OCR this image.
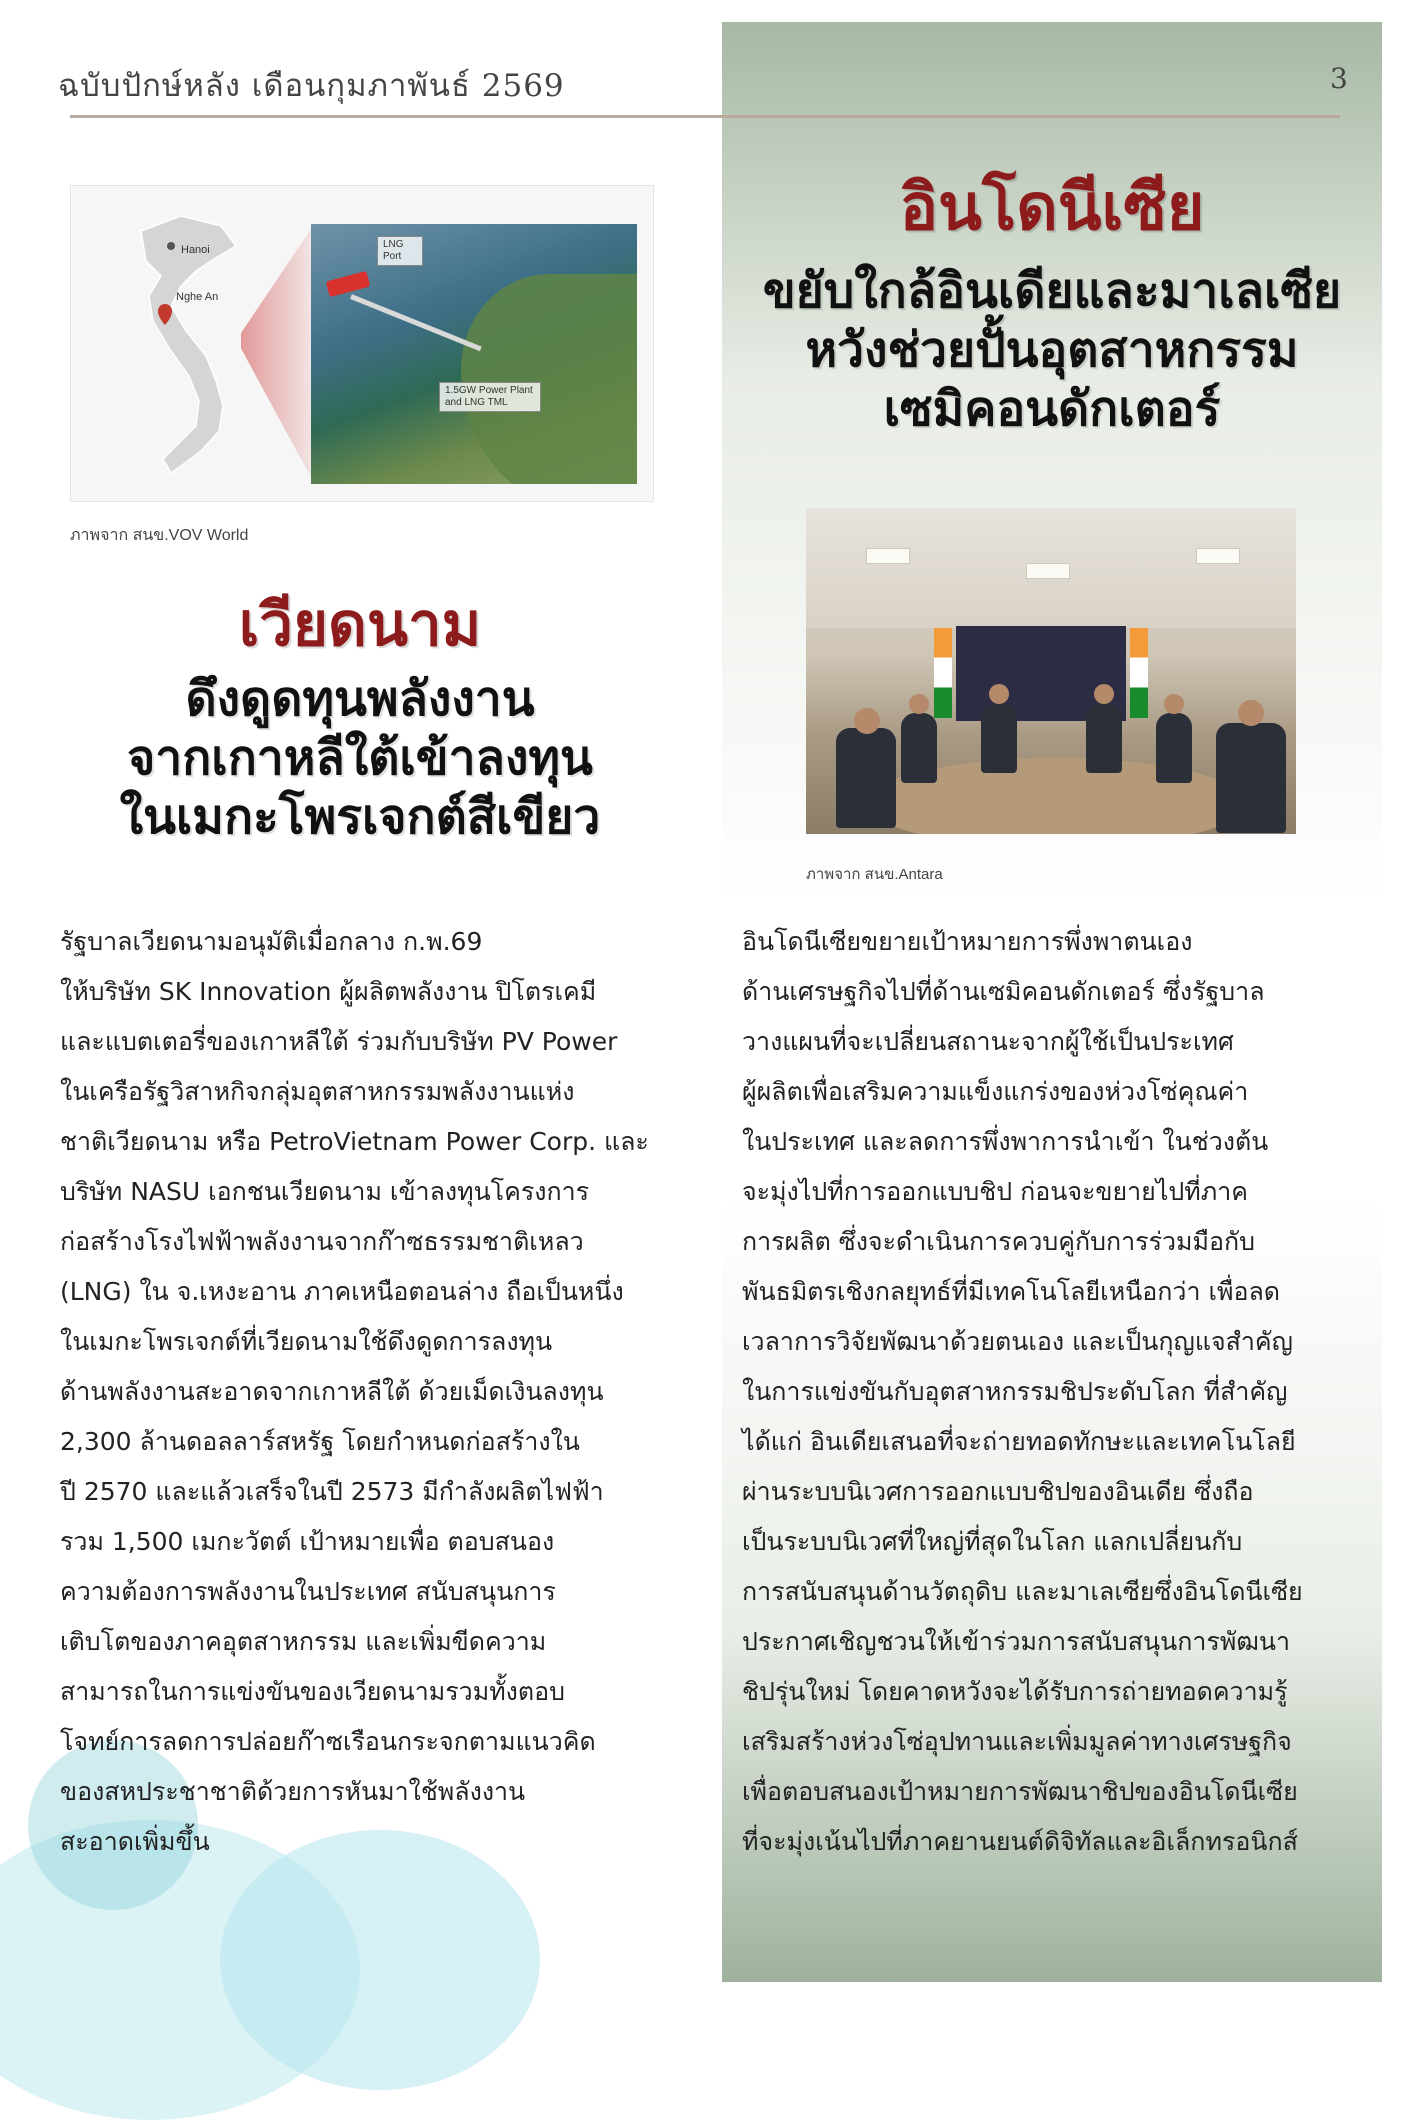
ฉบับปักษ์หลัง เดือนกุมภาพันธ์ 2569	3
Hanoi
Nghe An
LNG Port
1.5GW Power Plant and LNG TML
ภาพจาก สนข.VOV World
เวียดนาม
ดึงดูดทุนพลังงาน
จากเกาหลีใต้เข้าลงทุน
ในเมกะโพรเจกต์สีเขียว
รัฐบาลเวียดนามอนุมัติเมื่อกลาง ก.พ.69
ให้บริษัท SK Innovation ผู้ผลิตพลังงาน ปิโตรเคมี
และแบตเตอรี่ของเกาหลีใต้ ร่วมกับบริษัท PV Power
ในเครือรัฐวิสาหกิจกลุ่มอุตสาหกรรมพลังงานแห่ง
ชาติเวียดนาม หรือ PetroVietnam Power Corp. และ
บริษัท NASU เอกชนเวียดนาม เข้าลงทุนโครงการ
ก่อสร้างโรงไฟฟ้าพลังงานจากก๊าซธรรมชาติเหลว
(LNG) ใน จ.เหงะอาน ภาคเหนือตอนล่าง ถือเป็นหนึ่ง
ในเมกะโพรเจกต์ที่เวียดนามใช้ดึงดูดการลงทุน
ด้านพลังงานสะอาดจากเกาหลีใต้ ด้วยเม็ดเงินลงทุน
2,300 ล้านดอลลาร์สหรัฐ โดยกำหนดก่อสร้างใน
ปี 2570 และแล้วเสร็จในปี 2573 มีกำลังผลิตไฟฟ้า
รวม 1,500 เมกะวัตต์ เป้าหมายเพื่อ ตอบสนอง
ความต้องการพลังงานในประเทศ สนับสนุนการ
เติบโตของภาคอุตสาหกรรม และเพิ่มขีดความ
สามารถในการแข่งขันของเวียดนามรวมทั้งตอบ
โจทย์การลดการปล่อยก๊าซเรือนกระจกตามแนวคิด
ของสหประชาชาติด้วยการหันมาใช้พลังงาน
สะอาดเพิ่มขึ้น
อินโดนีเซีย
ขยับใกล้อินเดียและมาเลเซีย
หวังช่วยปั้นอุตสาหกรรม
เซมิคอนดักเตอร์
ภาพจาก สนข.Antara
อินโดนีเซียขยายเป้าหมายการพึ่งพาตนเอง
ด้านเศรษฐกิจไปที่ด้านเซมิคอนดักเตอร์ ซึ่งรัฐบาล
วางแผนที่จะเปลี่ยนสถานะจากผู้ใช้เป็นประเทศ
ผู้ผลิตเพื่อเสริมความแข็งแกร่งของห่วงโซ่คุณค่า
ในประเทศ และลดการพึ่งพาการนำเข้า ในช่วงต้น
จะมุ่งไปที่การออกแบบชิป ก่อนจะขยายไปที่ภาค
การผลิต ซึ่งจะดำเนินการควบคู่กับการร่วมมือกับ
พันธมิตรเชิงกลยุทธ์ที่มีเทคโนโลยีเหนือกว่า เพื่อลด
เวลาการวิจัยพัฒนาด้วยตนเอง และเป็นกุญแจสำคัญ
ในการแข่งขันกับอุตสาหกรรมชิประดับโลก ที่สำคัญ
ได้แก่ อินเดียเสนอที่จะถ่ายทอดทักษะและเทคโนโลยี
ผ่านระบบนิเวศการออกแบบชิปของอินเดีย ซึ่งถือ
เป็นระบบนิเวศที่ใหญ่ที่สุดในโลก แลกเปลี่ยนกับ
การสนับสนุนด้านวัตถุดิบ และมาเลเซียซึ่งอินโดนีเซีย
ประกาศเชิญชวนให้เข้าร่วมการสนับสนุนการพัฒนา
ชิปรุ่นใหม่ โดยคาดหวังจะได้รับการถ่ายทอดความรู้
เสริมสร้างห่วงโซ่อุปทานและเพิ่มมูลค่าทางเศรษฐกิจ
เพื่อตอบสนองเป้าหมายการพัฒนาชิปของอินโดนีเซีย
ที่จะมุ่งเน้นไปที่ภาคยานยนต์ดิจิทัลและอิเล็กทรอนิกส์
